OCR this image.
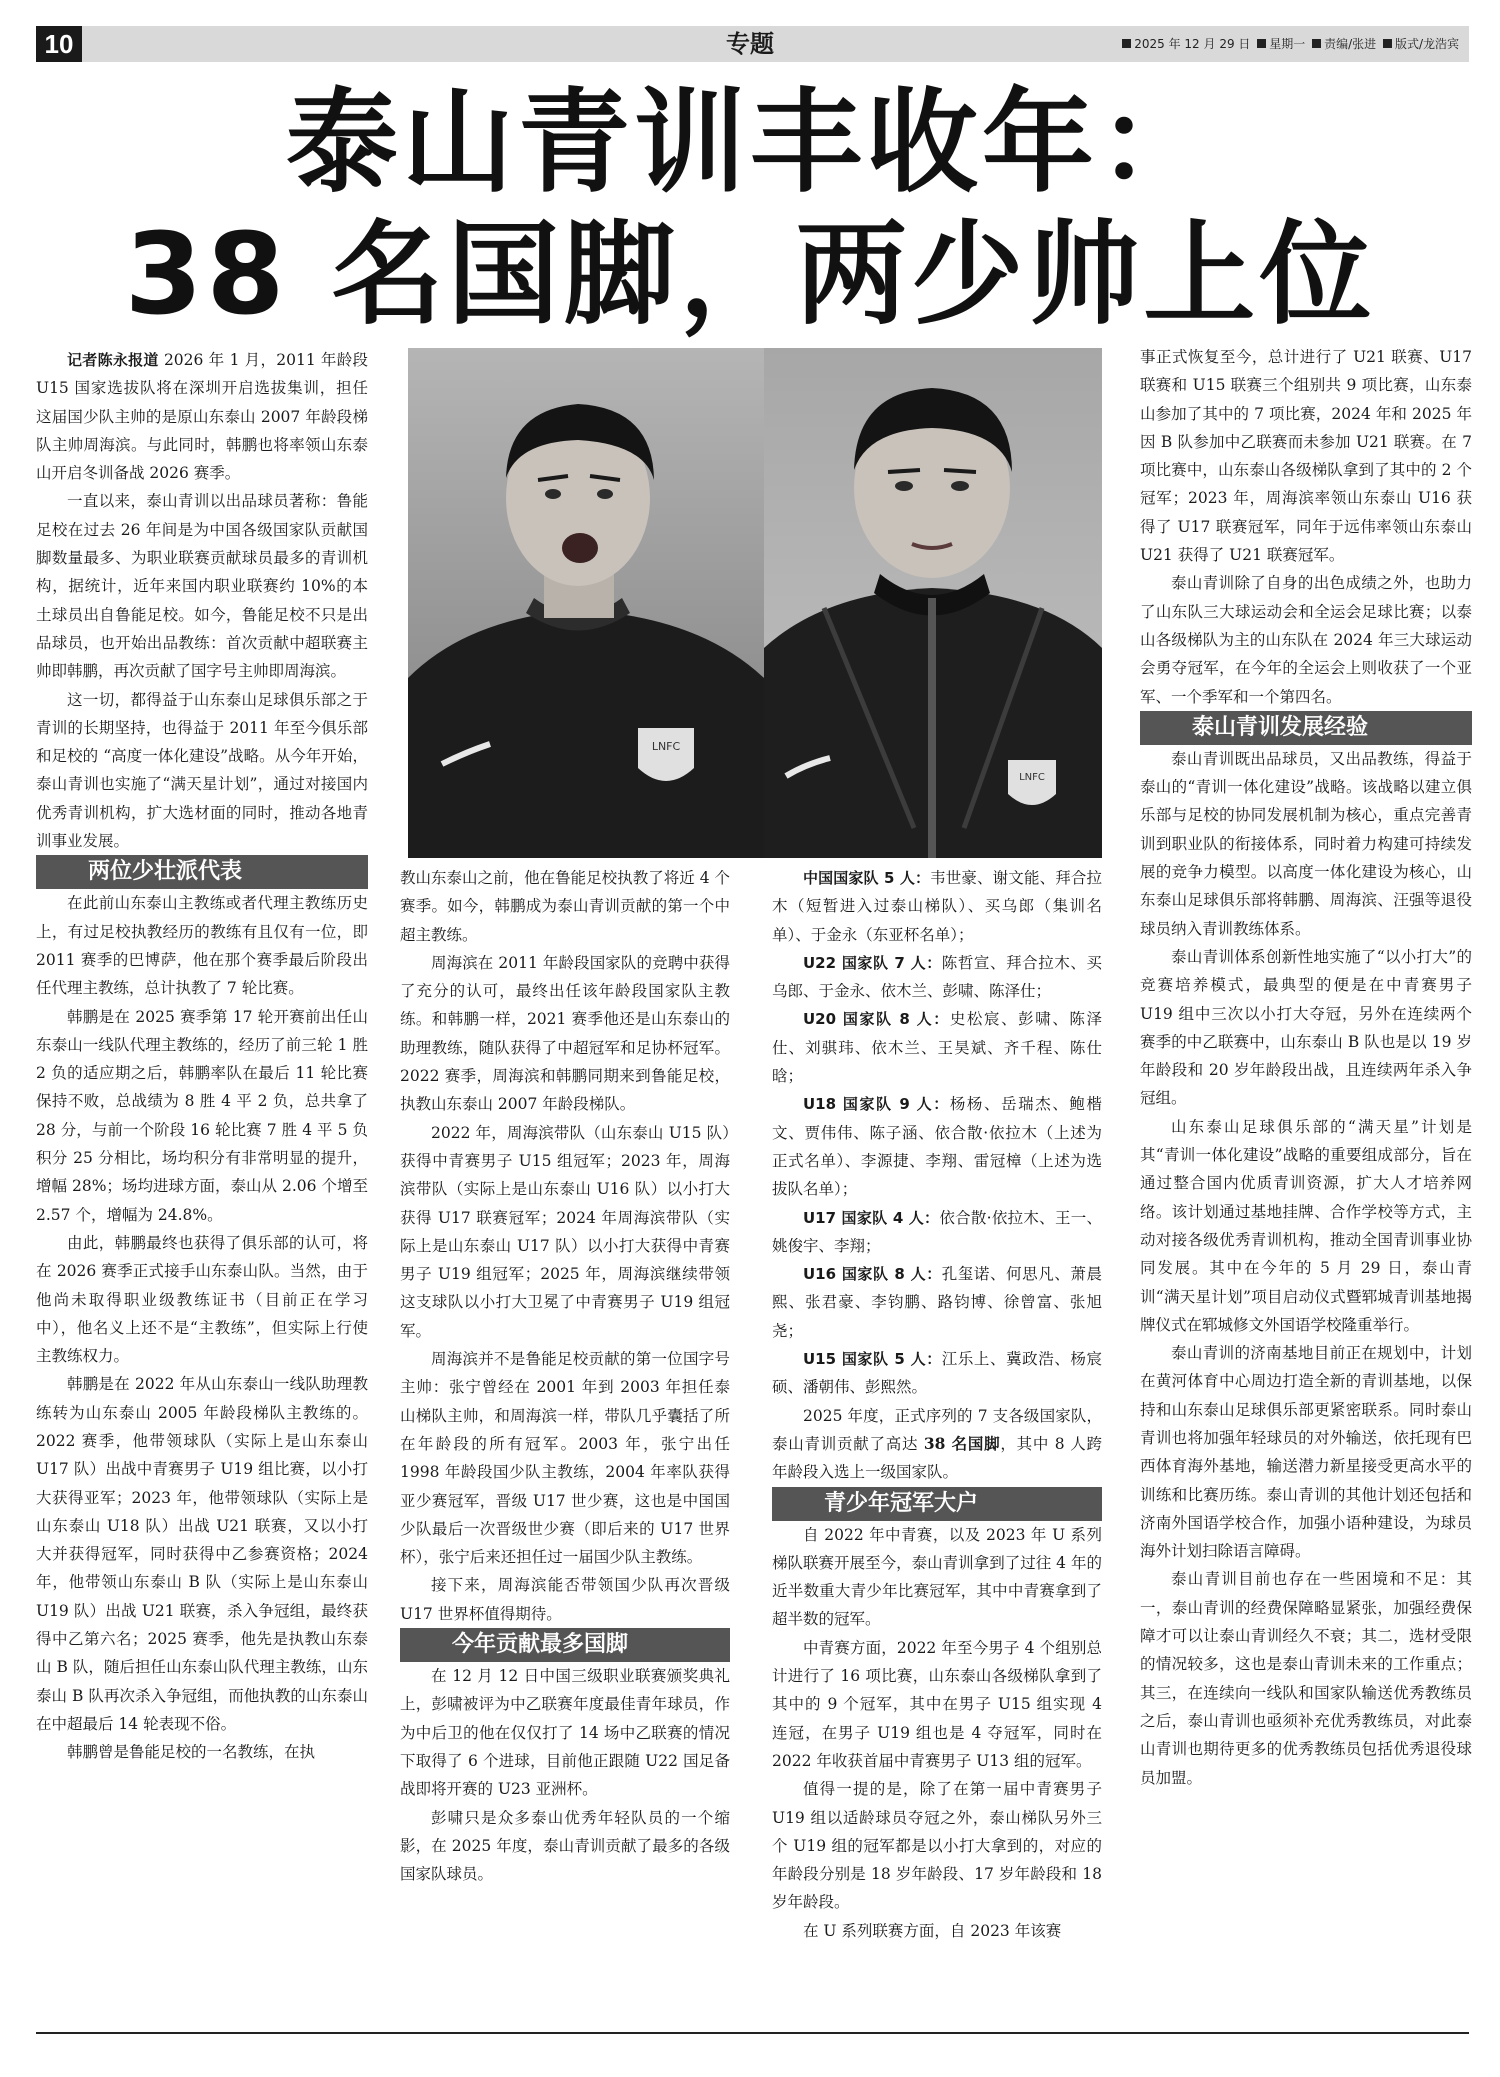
10	专题	2025 年 12 月 29 日 星期一 责编/张进 版式/龙浩宾
泰山青训丰收年：
38 名国脚，两少帅上位

记者陈永报道 2026 年 1 月，2011 年龄段 U15 国家选拔队将在深圳开启选拔集训，担任这届国少队主帅的是原山东泰山 2007 年龄段梯队主帅周海滨。与此同时，韩鹏也将率领山东泰山开启冬训备战 2026 赛季。

一直以来，泰山青训以出品球员著称：鲁能足校在过去 26 年间是为中国各级国家队贡献国脚数量最多、为职业联赛贡献球员最多的青训机构，据统计，近年来国内职业联赛约 10%的本土球员出自鲁能足校。如今，鲁能足校不只是出品球员，也开始出品教练：首次贡献中超联赛主帅即韩鹏，再次贡献了国字号主帅即周海滨。

这一切，都得益于山东泰山足球俱乐部之于青训的长期坚持，也得益于 2011 年至今俱乐部和足校的 “高度一体化建设”战略。从今年开始，泰山青训也实施了“满天星计划”，通过对接国内优秀青训机构，扩大选材面的同时，推动各地青训事业发展。

两位少壮派代表

在此前山东泰山主教练或者代理主教练历史上，有过足校执教经历的教练有且仅有一位，即 2011 赛季的巴博萨，他在那个赛季最后阶段出任代理主教练，总计执教了 7 轮比赛。

韩鹏是在 2025 赛季第 17 轮开赛前出任山东泰山一线队代理主教练的，经历了前三轮 1 胜 2 负的适应期之后，韩鹏率队在最后 11 轮比赛保持不败，总战绩为 8 胜 4 平 2 负，总共拿了 28 分，与前一个阶段 16 轮比赛 7 胜 4 平 5 负积分 25 分相比，场均积分有非常明显的提升，增幅 28%；场均进球方面，泰山从 2.06 个增至 2.57 个，增幅为 24.8%。

由此，韩鹏最终也获得了俱乐部的认可，将在 2026 赛季正式接手山东泰山队。当然，由于他尚未取得职业级教练证书（目前正在学习中），他名义上还不是“主教练”，但实际上行使主教练权力。

韩鹏是在 2022 年从山东泰山一线队助理教练转为山东泰山 2005 年龄段梯队主教练的。2022 赛季，他带领球队（实际上是山东泰山 U17 队）出战中青赛男子 U19 组比赛，以小打大获得亚军；2023 年，他带领球队（实际上是山东泰山 U18 队）出战 U21 联赛，又以小打大并获得冠军，同时获得中乙参赛资格；2024 年，他带领山东泰山 B 队（实际上是山东泰山 U19 队）出战 U21 联赛，杀入争冠组，最终获得中乙第六名；2025 赛季，他先是执教山东泰山 B 队，随后担任山东泰山队代理主教练，山东泰山 B 队再次杀入争冠组，而他执教的山东泰山在中超最后 14 轮表现不俗。

韩鹏曾是鲁能足校的一名教练，在执

LNFC
LNFC

教山东泰山之前，他在鲁能足校执教了将近 4 个赛季。如今，韩鹏成为泰山青训贡献的第一个中超主教练。

周海滨在 2011 年龄段国家队的竞聘中获得了充分的认可，最终出任该年龄段国家队主教练。和韩鹏一样，2021 赛季他还是山东泰山的助理教练，随队获得了中超冠军和足协杯冠军。2022 赛季，周海滨和韩鹏同期来到鲁能足校，执教山东泰山 2007 年龄段梯队。

2022 年，周海滨带队（山东泰山 U15 队）获得中青赛男子 U15 组冠军；2023 年，周海滨带队（实际上是山东泰山 U16 队）以小打大获得 U17 联赛冠军；2024 年周海滨带队（实际上是山东泰山 U17 队）以小打大获得中青赛男子 U19 组冠军；2025 年，周海滨继续带领这支球队以小打大卫冕了中青赛男子 U19 组冠军。

周海滨并不是鲁能足校贡献的第一位国字号主帅：张宁曾经在 2001 年到 2003 年担任泰山梯队主帅，和周海滨一样，带队几乎囊括了所在年龄段的所有冠军。2003 年，张宁出任 1998 年龄段国少队主教练，2004 年率队获得亚少赛冠军，晋级 U17 世少赛，这也是中国国少队最后一次晋级世少赛（即后来的 U17 世界杯），张宁后来还担任过一届国少队主教练。

接下来，周海滨能否带领国少队再次晋级 U17 世界杯值得期待。

今年贡献最多国脚

在 12 月 12 日中国三级职业联赛颁奖典礼上，彭啸被评为中乙联赛年度最佳青年球员，作为中后卫的他在仅仅打了 14 场中乙联赛的情况下取得了 6 个进球，目前他正跟随 U22 国足备战即将开赛的 U23 亚洲杯。

彭啸只是众多泰山优秀年轻队员的一个缩影，在 2025 年度，泰山青训贡献了最多的各级国家队球员。

中国国家队 5 人：韦世豪、谢文能、拜合拉木（短暂进入过泰山梯队）、买乌郎（集训名单）、于金永（东亚杯名单）；

U22 国家队 7 人：陈哲宣、拜合拉木、买乌郎、于金永、依木兰、彭啸、陈泽仕；

U20 国家队 8 人：史松宸、彭啸、陈泽仕、刘骐玮、依木兰、王昊斌、齐千程、陈仕晗；

U18 国家队 9 人：杨杨、岳瑞杰、鲍楷文、贾伟伟、陈子涵、依合散·依拉木（上述为正式名单）、李源捷、李翔、雷冠樟（上述为选拔队名单）；

U17 国家队 4 人：依合散·依拉木、王一、姚俊宇、李翔；

U16 国家队 8 人：孔玺诺、何思凡、萧晨熙、张君豪、李钧鹏、路钧博、徐曾富、张旭尧；

U15 国家队 5 人：江乐上、冀政浩、杨宸硕、潘朝伟、彭熙然。

2025 年度，正式序列的 7 支各级国家队，泰山青训贡献了高达 38 名国脚，其中 8 人跨年龄段入选上一级国家队。

青少年冠军大户

自 2022 年中青赛，以及 2023 年 U 系列梯队联赛开展至今，泰山青训拿到了过往 4 年的近半数重大青少年比赛冠军，其中中青赛拿到了超半数的冠军。

中青赛方面，2022 年至今男子 4 个组别总计进行了 16 项比赛，山东泰山各级梯队拿到了其中的 9 个冠军，其中在男子 U15 组实现 4 连冠，在男子 U19 组也是 4 夺冠军，同时在 2022 年收获首届中青赛男子 U13 组的冠军。

值得一提的是，除了在第一届中青赛男子 U19 组以适龄球员夺冠之外，泰山梯队另外三个 U19 组的冠军都是以小打大拿到的，对应的年龄段分别是 18 岁年龄段、17 岁年龄段和 18 岁年龄段。

在 U 系列联赛方面，自 2023 年该赛

事正式恢复至今，总计进行了 U21 联赛、U17 联赛和 U15 联赛三个组别共 9 项比赛，山东泰山参加了其中的 7 项比赛，2024 年和 2025 年因 B 队参加中乙联赛而未参加 U21 联赛。在 7 项比赛中，山东泰山各级梯队拿到了其中的 2 个冠军；2023 年，周海滨率领山东泰山 U16 获得了 U17 联赛冠军，同年于远伟率领山东泰山 U21 获得了 U21 联赛冠军。

泰山青训除了自身的出色成绩之外，也助力了山东队三大球运动会和全运会足球比赛；以泰山各级梯队为主的山东队在 2024 年三大球运动会勇夺冠军，在今年的全运会上则收获了一个亚军、一个季军和一个第四名。

泰山青训发展经验

泰山青训既出品球员，又出品教练，得益于泰山的“青训一体化建设”战略。该战略以建立俱乐部与足校的协同发展机制为核心，重点完善青训到职业队的衔接体系，同时着力构建可持续发展的竞争力模型。以高度一体化建设为核心，山东泰山足球俱乐部将韩鹏、周海滨、汪强等退役球员纳入青训教练体系。

泰山青训体系创新性地实施了“以小打大”的竞赛培养模式，最典型的便是在中青赛男子 U19 组中三次以小打大夺冠，另外在连续两个赛季的中乙联赛中，山东泰山 B 队也是以 19 岁年龄段和 20 岁年龄段出战，且连续两年杀入争冠组。

山东泰山足球俱乐部的“满天星”计划是其“青训一体化建设”战略的重要组成部分，旨在通过整合国内优质青训资源，扩大人才培养网络。该计划通过基地挂牌、合作学校等方式，主动对接各级优秀青训机构，推动全国青训事业协同发展。其中在今年的 5 月 29 日，泰山青训“满天星计划”项目启动仪式暨郓城青训基地揭牌仪式在郓城修文外国语学校隆重举行。

泰山青训的济南基地目前正在规划中，计划在黄河体育中心周边打造全新的青训基地，以保持和山东泰山足球俱乐部更紧密联系。同时泰山青训也将加强年轻球员的对外输送，依托现有巴西体育海外基地，输送潜力新星接受更高水平的训练和比赛历练。泰山青训的其他计划还包括和济南外国语学校合作，加强小语种建设，为球员海外计划扫除语言障碍。

泰山青训目前也存在一些困境和不足：其一，泰山青训的经费保障略显紧张，加强经费保障才可以让泰山青训经久不衰；其二，选材受限的情况较多，这也是泰山青训未来的工作重点；其三，在连续向一线队和国家队输送优秀教练员之后，泰山青训也亟须补充优秀教练员，对此泰山青训也期待更多的优秀教练员包括优秀退役球员加盟。
